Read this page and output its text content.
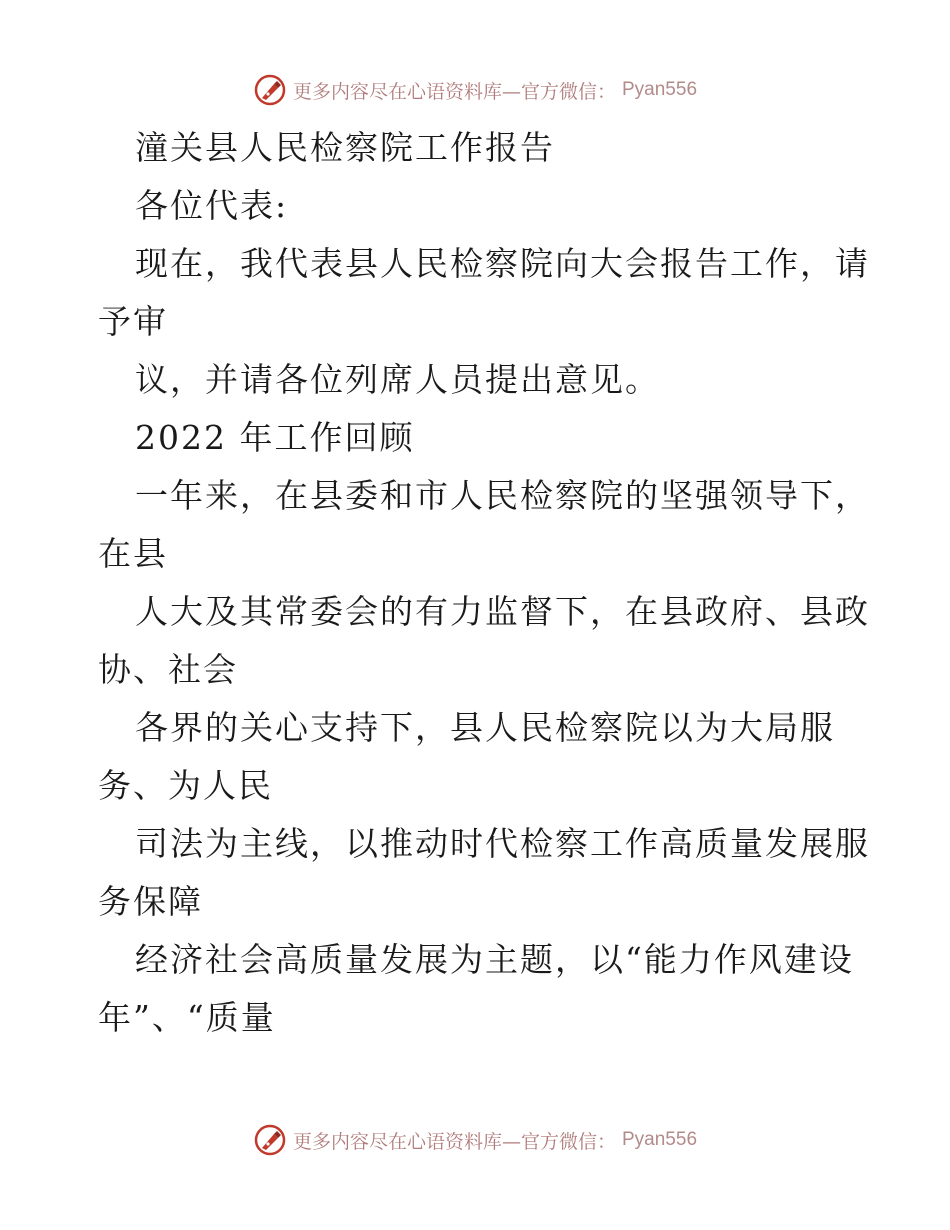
更多内容尽在心语资料库—官方微信： Pyan556
潼关县人民检察院工作报告
各位代表:
现在，我代表县人民检察院向大会报告工作，请
予审
议，并请各位列席人员提出意见。
2022 年工作回顾
一年来，在县委和市人民检察院的坚强领导下，
在县
人大及其常委会的有力监督下，在县政府、县政
协、社会
各界的关心支持下，县人民检察院以为大局服
务、为人民
司法为主线，以推动时代检察工作高质量发展服
务保障
经济社会高质量发展为主题，以“能力作风建设
年”、“质量
更多内容尽在心语资料库—官方微信： Pyan556
